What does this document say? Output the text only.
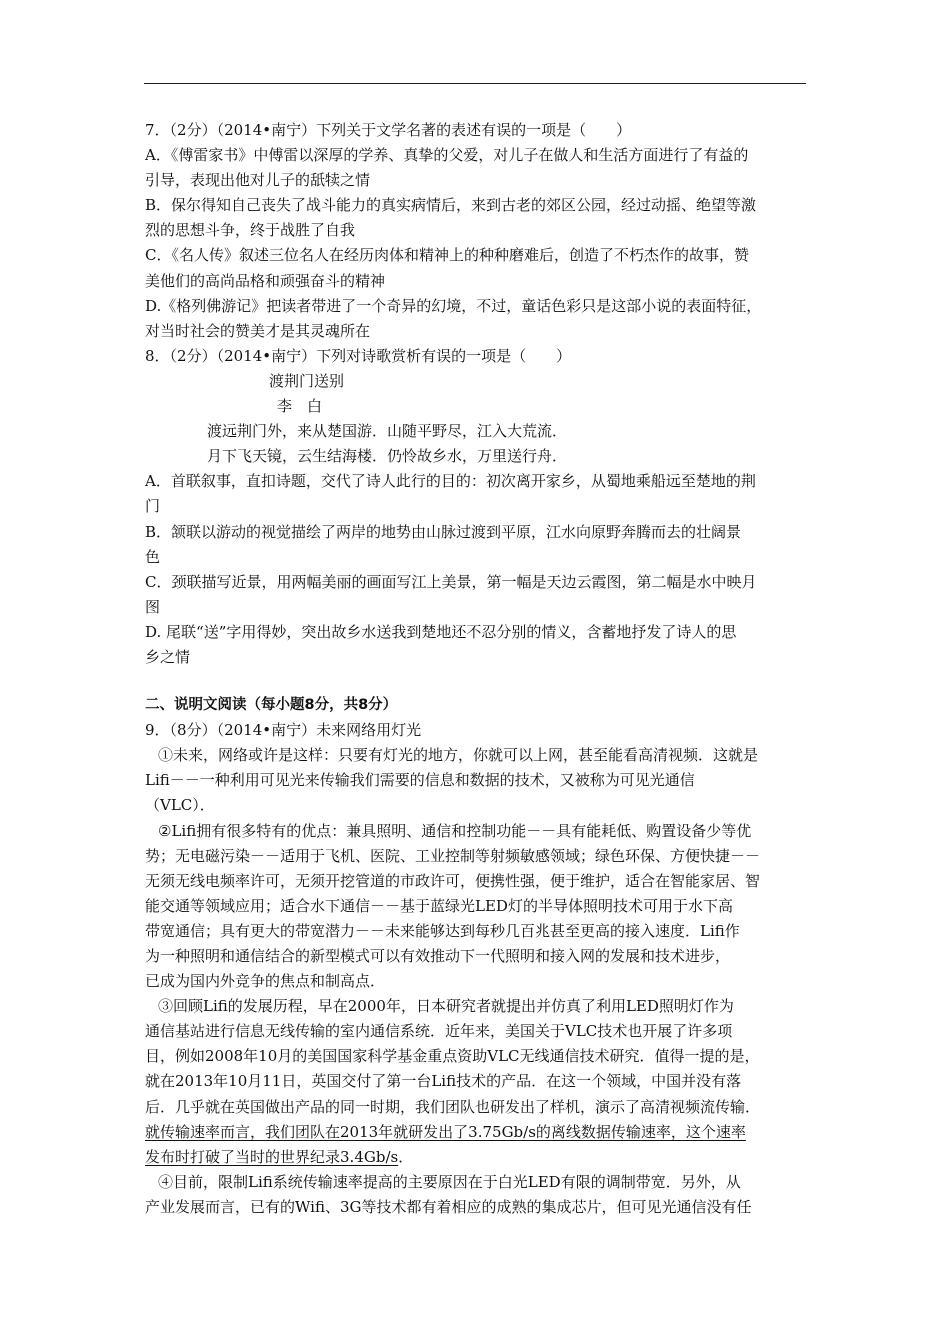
7．（2分）（2014•南宁）下列关于文学名著的表述有误的一项是（　　）
A．《傅雷家书》中傅雷以深厚的学养、真挚的父爱，对儿子在做人和生活方面进行了有益的
引导，表现出他对儿子的舐犊之情
B．保尔得知自己丧失了战斗能力的真实病情后，来到古老的郊区公园，经过动摇、绝望等激
烈的思想斗争，终于战胜了自我
C．《名人传》叙述三位名人在经历肉体和精神上的种种磨难后，创造了不朽杰作的故事，赞
美他们的高尚品格和顽强奋斗的精神
D.《格列佛游记》把读者带进了一个奇异的幻境，不过，童话色彩只是这部小说的表面特征，
对当时社会的赞美才是其灵魂所在
8．（2分）（2014•南宁）下列对诗歌赏析有误的一项是（　　）
渡荆门送别
李　白
渡远荆门外，来从楚国游．山随平野尽，江入大荒流．
月下飞天镜，云生结海楼．仍怜故乡水，万里送行舟．
A．首联叙事，直扣诗题，交代了诗人此行的目的：初次离开家乡，从蜀地乘船远至楚地的荆
门
B．颔联以游动的视觉描绘了两岸的地势由山脉过渡到平原，江水向原野奔腾而去的壮阔景
色
C．颈联描写近景，用两幅美丽的画面写江上美景，第一幅是天边云霞图，第二幅是水中映月
图
D. 尾联“送”字用得妙，突出故乡水送我到楚地还不忍分别的情义，含蓄地抒发了诗人的思
乡之情
二、说明文阅读（每小题8分，共8分）
9．（8分）（2014•南宁）未来网络用灯光
①未来，网络或许是这样：只要有灯光的地方，你就可以上网，甚至能看高清视频．这就是
Lifi－－一种利用可见光来传输我们需要的信息和数据的技术，又被称为可见光通信
（VLC）．
②Lifi拥有很多特有的优点：兼具照明、通信和控制功能－－具有能耗低、购置设备少等优
势；无电磁污染－－适用于飞机、医院、工业控制等射频敏感领域；绿色环保、方便快捷－－
无须无线电频率许可，无须开挖管道的市政许可，便携性强，便于维护，适合在智能家居、智
能交通等领域应用；适合水下通信－－基于蓝绿光LED灯的半导体照明技术可用于水下高
带宽通信；具有更大的带宽潜力－－未来能够达到每秒几百兆甚至更高的接入速度．Lifi作
为一种照明和通信结合的新型模式可以有效推动下一代照明和接入网的发展和技术进步，
已成为国内外竞争的焦点和制高点．
③回顾Lifi的发展历程，早在2000年，日本研究者就提出并仿真了利用LED照明灯作为
通信基站进行信息无线传输的室内通信系统．近年来，美国关于VLC技术也开展了许多项
目，例如2008年10月的美国国家科学基金重点资助VLC无线通信技术研究．值得一提的是，
就在2013年10月11日，英国交付了第一台Lifi技术的产品．在这一个领域，中国并没有落
后．几乎就在英国做出产品的同一时期，我们团队也研发出了样机，演示了高清视频流传输．
就传输速率而言，我们团队在2013年就研发出了3.75Gb/s的离线数据传输速率，这个速率
发布时打破了当时的世界纪录3.4Gb/s．
④目前，限制Lifi系统传输速率提高的主要原因在于白光LED有限的调制带宽．另外，从
产业发展而言，已有的Wifi、3G等技术都有着相应的成熟的集成芯片，但可见光通信没有任
